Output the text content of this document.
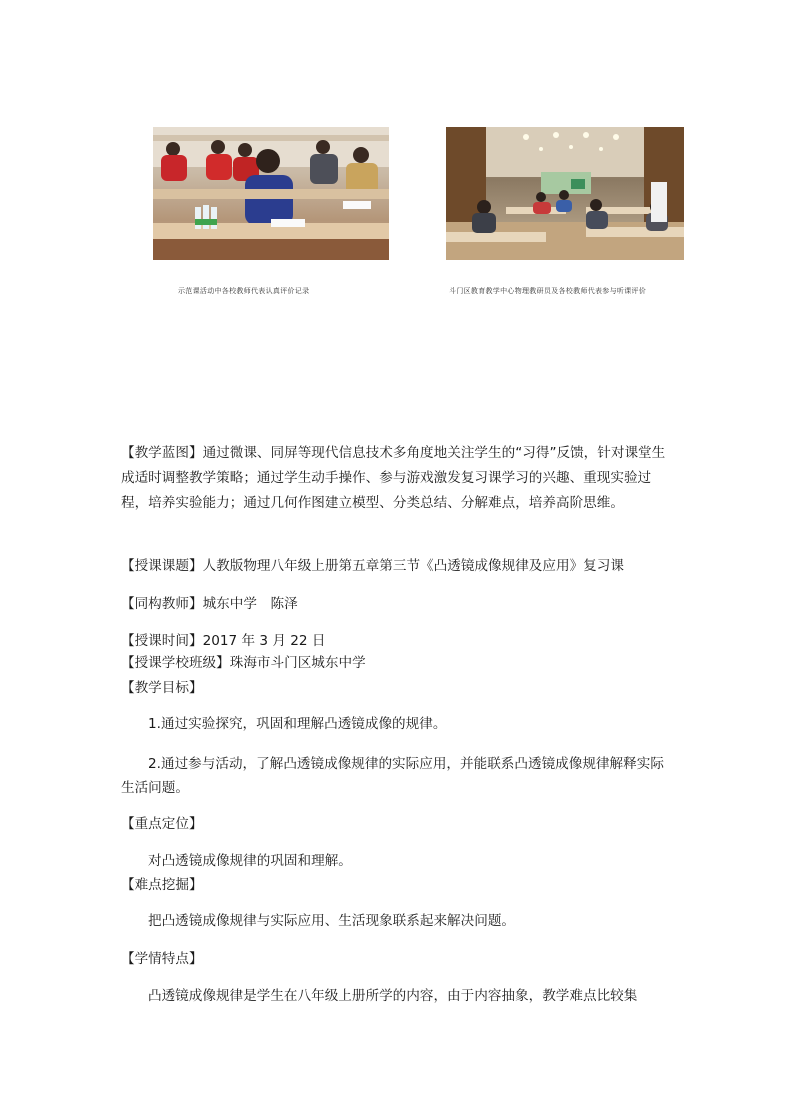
示范课活动中各校教师代表认真评价记录	斗门区教育教学中心物理教研员及各校教师代表参与听课评价

【教学蓝图】通过微课、同屏等现代信息技术多角度地关注学生的“习得”反馈，针对课堂生成适时调整教学策略；通过学生动手操作、参与游戏激发复习课学习的兴趣、重现实验过程，培养实验能力；通过几何作图建立模型、分类总结、分解难点，培养高阶思维。

【授课课题】人教版物理八年级上册第五章第三节《凸透镜成像规律及应用》复习课

【同构教师】城东中学　陈泽

【授课时间】2017 年 3 月 22 日

【授课学校班级】珠海市斗门区城东中学

【教学目标】

1.通过实验探究，巩固和理解凸透镜成像的规律。

2.通过参与活动，了解凸透镜成像规律的实际应用，并能联系凸透镜成像规律解释实际生活问题。

【重点定位】

对凸透镜成像规律的巩固和理解。

【难点挖掘】

把凸透镜成像规律与实际应用、生活现象联系起来解决问题。

【学情特点】

凸透镜成像规律是学生在八年级上册所学的内容，由于内容抽象，教学难点比较集
